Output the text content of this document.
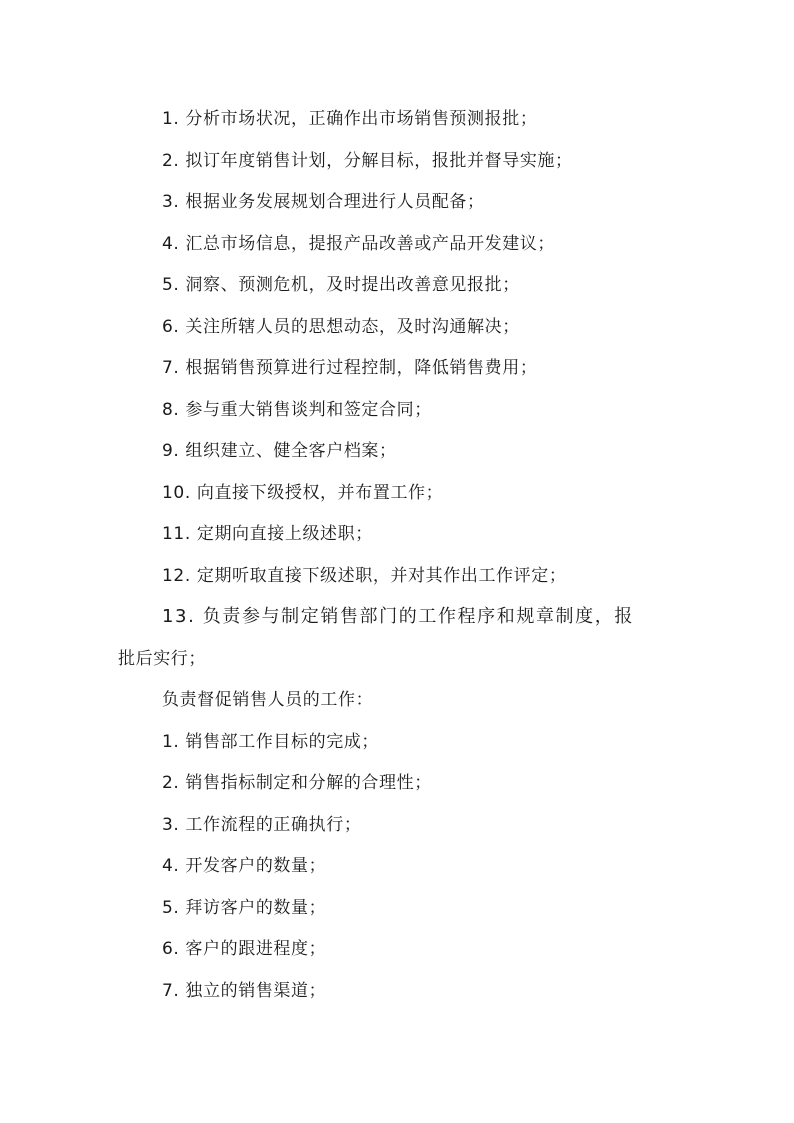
1. 分析市场状况，正确作出市场销售预测报批；
2. 拟订年度销售计划，分解目标，报批并督导实施；
3. 根据业务发展规划合理进行人员配备；
4. 汇总市场信息，提报产品改善或产品开发建议；
5. 洞察、预测危机，及时提出改善意见报批；
6. 关注所辖人员的思想动态，及时沟通解决；
7. 根据销售预算进行过程控制，降低销售费用；
8. 参与重大销售谈判和签定合同；
9. 组织建立、健全客户档案；
10. 向直接下级授权，并布置工作；
11. 定期向直接上级述职；
12. 定期听取直接下级述职，并对其作出工作评定；
13. 负责参与制定销售部门的工作程序和规章制度，报
批后实行；
负责督促销售人员的工作：
1. 销售部工作目标的完成；
2. 销售指标制定和分解的合理性；
3. 工作流程的正确执行；
4. 开发客户的数量；
5. 拜访客户的数量；
6. 客户的跟进程度；
7. 独立的销售渠道；
